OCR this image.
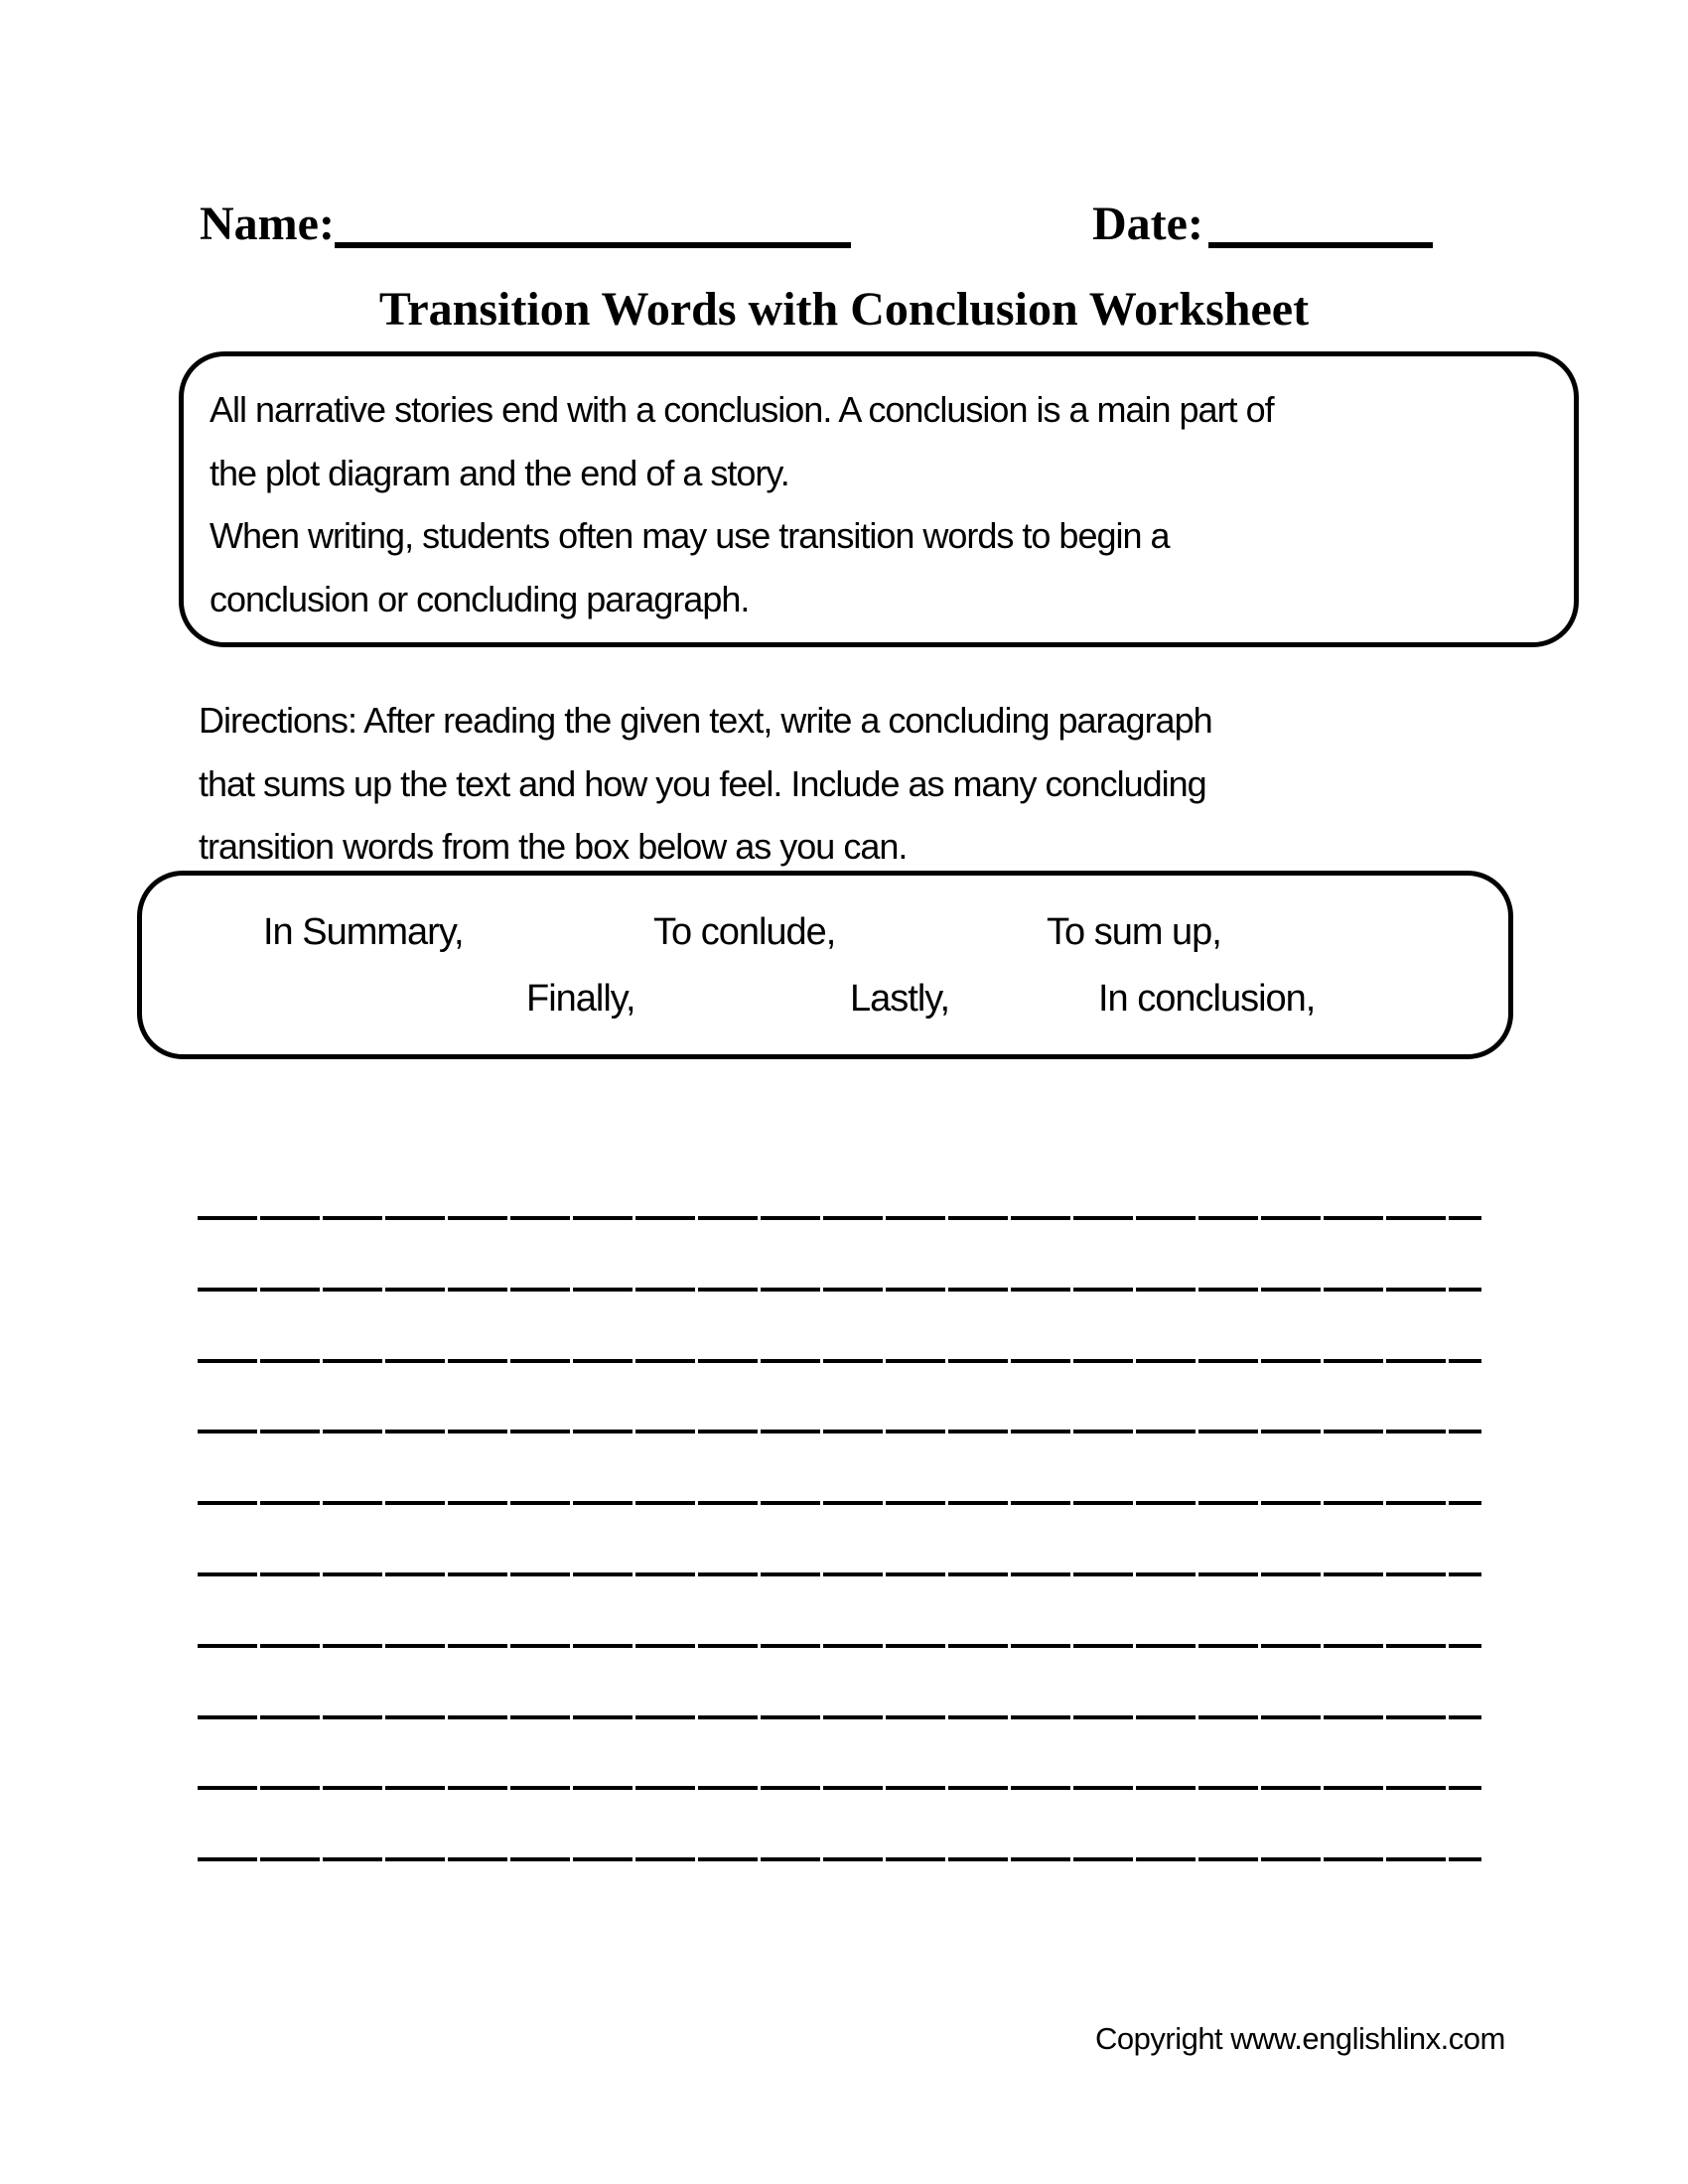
Name:	Date:
Transition Words with Conclusion Worksheet
All narrative stories end with a conclusion. A conclusion is a main part of
the plot diagram and the end of a story.
When writing, students often may use transition words to begin a
conclusion or concluding paragraph.
Directions: After reading the given text, write a concluding paragraph
that sums up the text and how you feel. Include as many concluding
transition words from the box below as you can.
In Summary,	To conlude,	To sum up,
Finally,	Lastly,	In conclusion,
Copyright www.englishlinx.com
